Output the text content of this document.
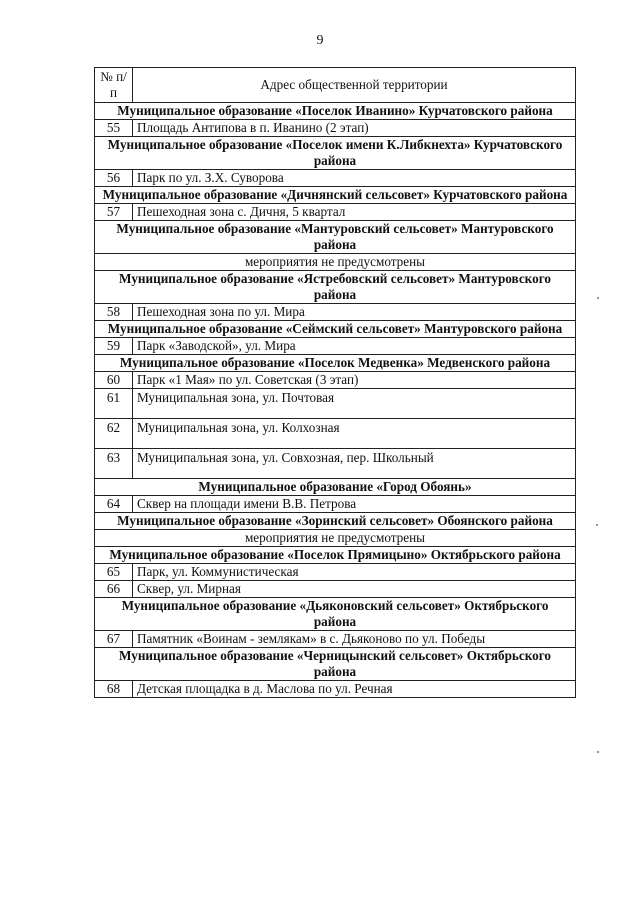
9
№ п/п	Адрес общественной территории
Муниципальное образование «Поселок Иванино» Курчатовского района	
55	Площадь Антипова в п. Иванино (2 этап)
Муниципальное образование «Поселок имени К.Либкнехта» Курчатовского района	
56	Парк по ул. З.Х. Суворова
Муниципальное образование «Дичнянский сельсовет» Курчатовского района	
57	Пешеходная зона с. Дичня, 5 квартал
Муниципальное образование «Мантуровский сельсовет» Мантуровского района	
мероприятия не предусмотрены	
Муниципальное образование «Ястребовский сельсовет» Мантуровского района	
58	Пешеходная зона по ул. Мира
Муниципальное образование «Сеймский сельсовет» Мантуровского района	
59	Парк «Заводской», ул. Мира
Муниципальное образование «Поселок Медвенка» Медвенского района	
60	Парк «1 Мая» по ул. Советская (3 этап)
61	Муниципальная зона, ул. Почтовая
62	Муниципальная зона, ул. Колхозная
63	Муниципальная зона, ул. Совхозная, пер. Школьный
Муниципальное образование «Город Обоянь»	
64	Сквер на площади имени В.В. Петрова
Муниципальное образование «Зоринский сельсовет» Обоянского района	
мероприятия не предусмотрены	
Муниципальное образование «Поселок Прямицыно» Октябрьского района	
65	Парк, ул. Коммунистическая
66	Сквер, ул. Мирная
Муниципальное образование «Дьяконовский сельсовет» Октябрьского района	
67	Памятник «Воинам - землякам» в с. Дьяконово по ул. Победы
Муниципальное образование «Черницынский сельсовет» Октябрьского района	
68	Детская площадка в д. Маслова по ул. Речная
